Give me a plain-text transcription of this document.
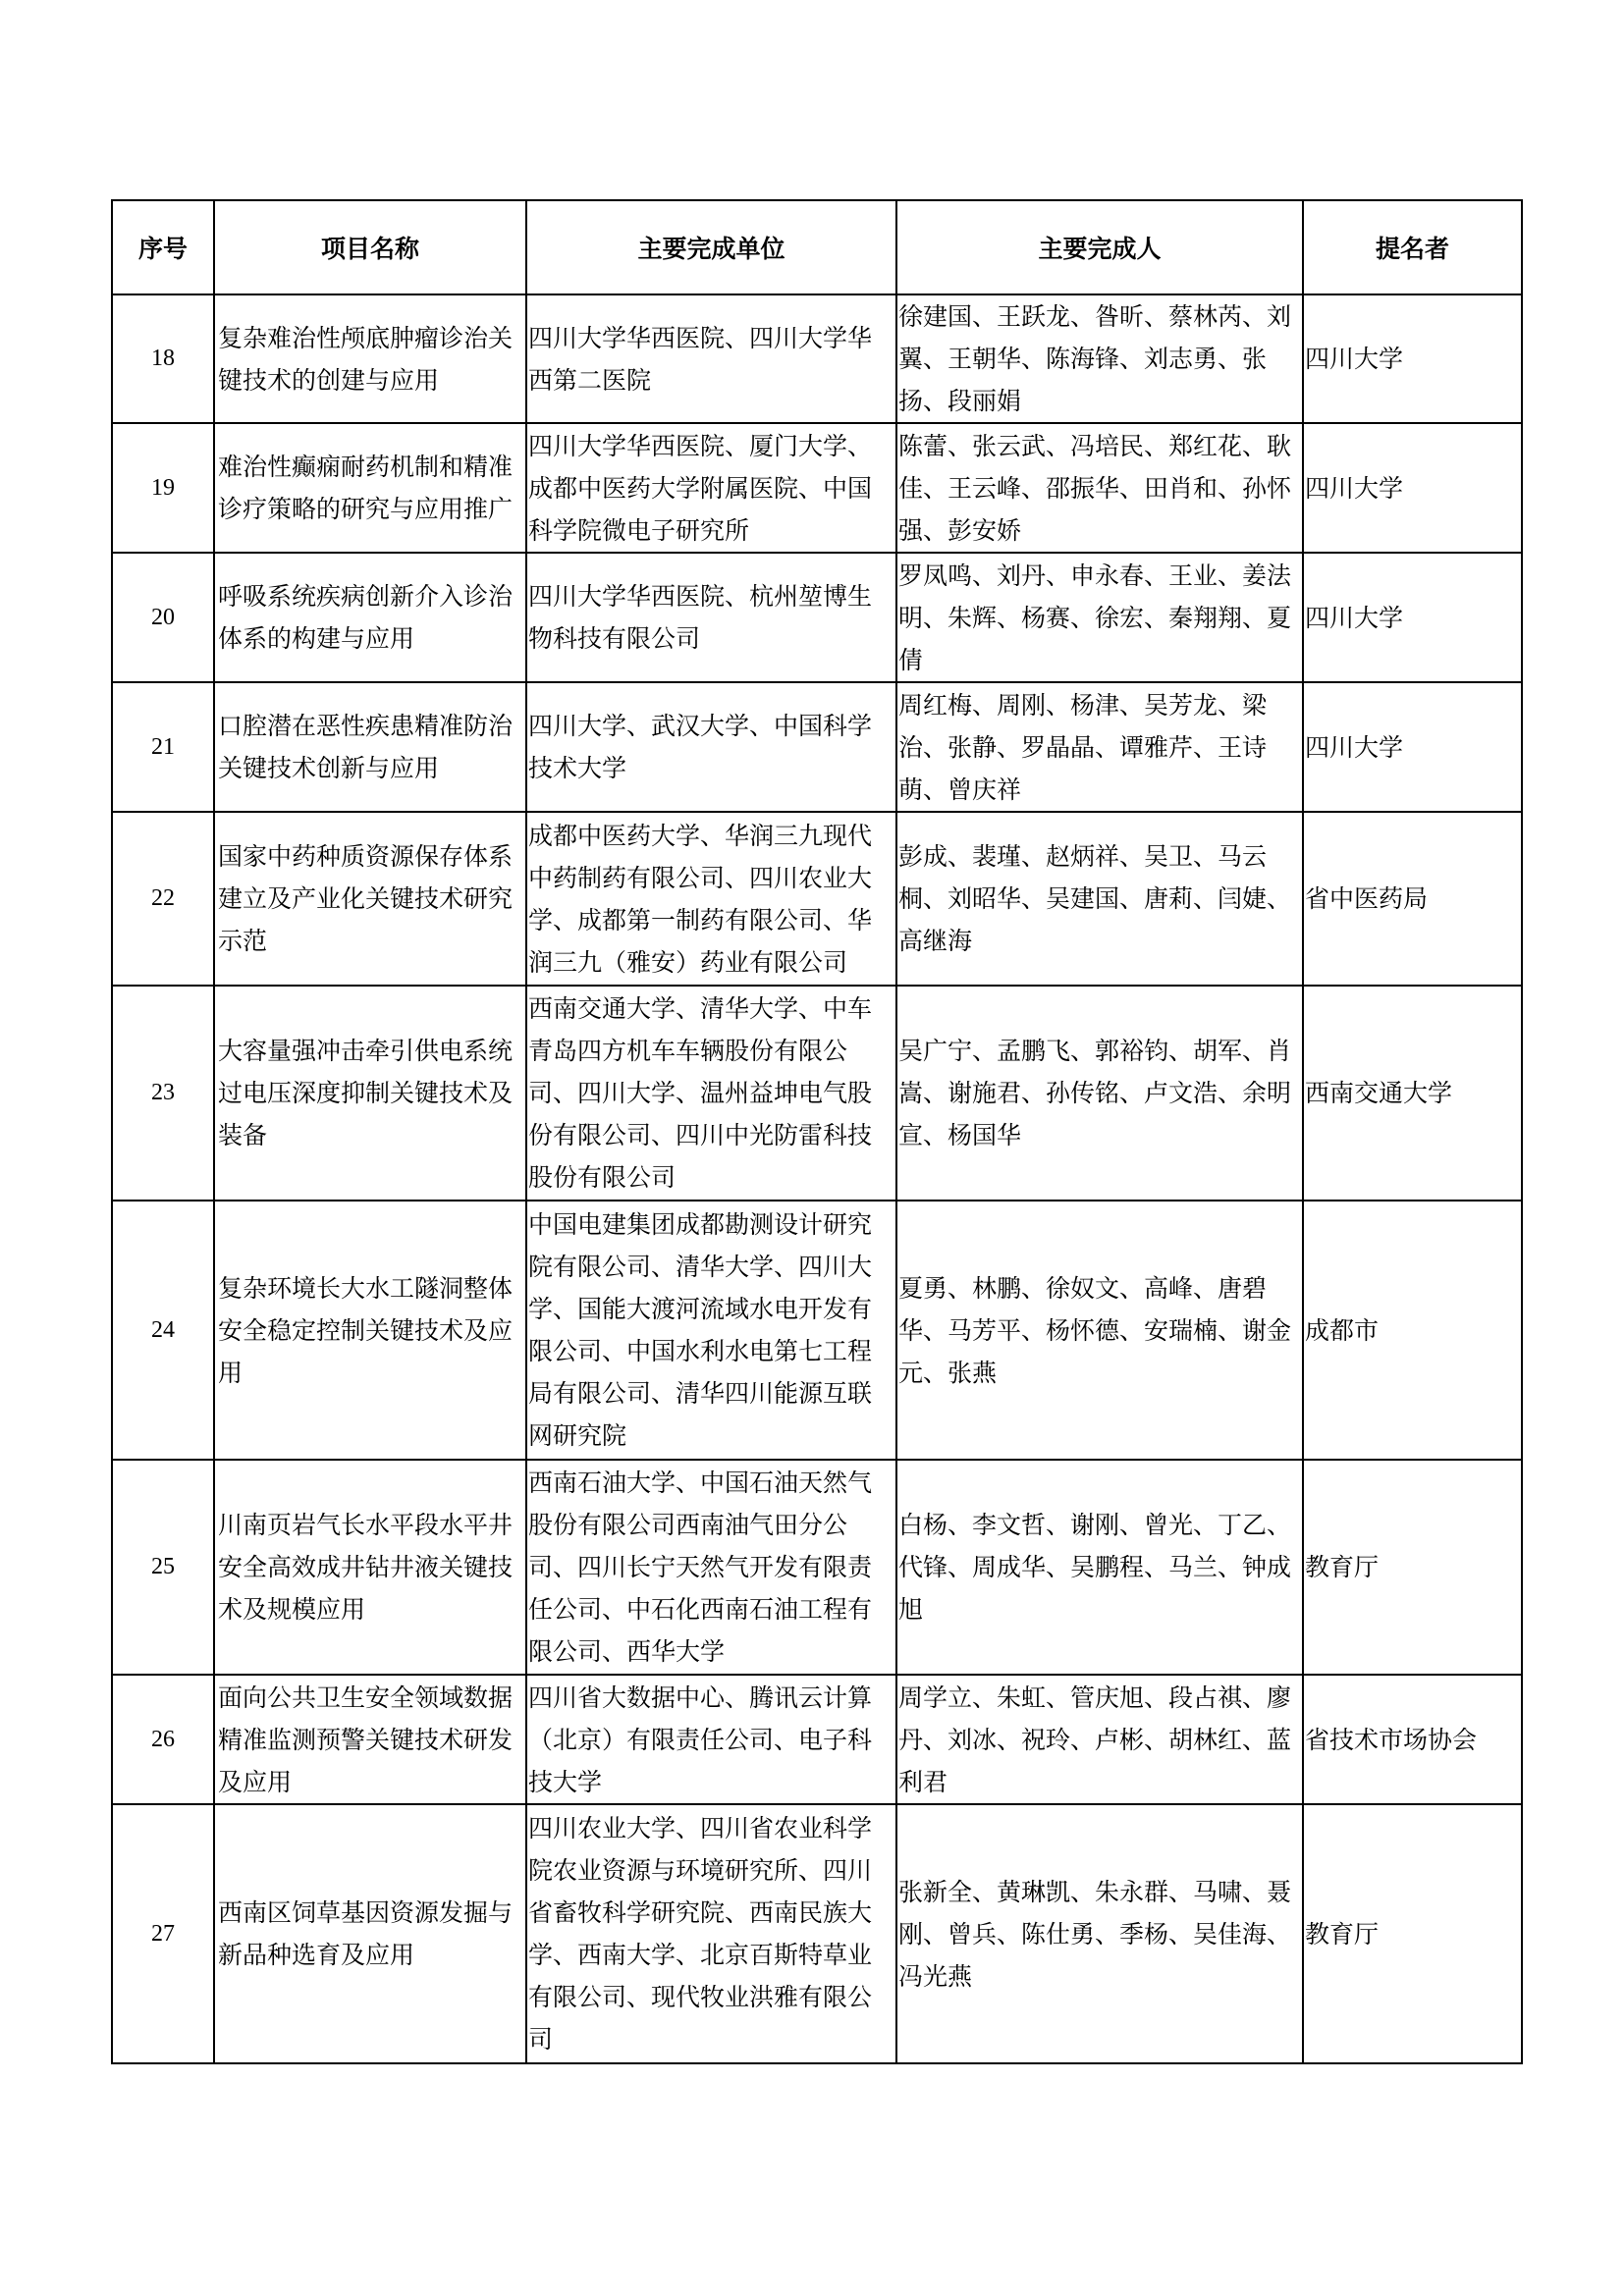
序号	项目名称	主要完成单位	主要完成人	提名者
18	复杂难治性颅底肿瘤诊治关键技术的创建与应用	四川大学华西医院、四川大学华西第二医院	徐建国、王跃龙、昝昕、蔡林芮、刘翼、王朝华、陈海锋、刘志勇、张扬、段丽娟	四川大学
19	难治性癫痫耐药机制和精准诊疗策略的研究与应用推广	四川大学华西医院、厦门大学、成都中医药大学附属医院、中国科学院微电子研究所	陈蕾、张云武、冯培民、郑红花、耿佳、王云峰、邵振华、田肖和、孙怀强、彭安娇	四川大学
20	呼吸系统疾病创新介入诊治体系的构建与应用	四川大学华西医院、杭州堃博生物科技有限公司	罗凤鸣、刘丹、申永春、王业、姜法明、朱辉、杨赛、徐宏、秦翔翔、夏倩	四川大学
21	口腔潜在恶性疾患精准防治关键技术创新与应用	四川大学、武汉大学、中国科学技术大学	周红梅、周刚、杨津、吴芳龙、梁治、张静、罗晶晶、谭雅芹、王诗萌、曾庆祥	四川大学
22	国家中药种质资源保存体系建立及产业化关键技术研究示范	成都中医药大学、华润三九现代中药制药有限公司、四川农业大学、成都第一制药有限公司、华润三九（雅安）药业有限公司	彭成、裴瑾、赵炳祥、吴卫、马云桐、刘昭华、吴建国、唐莉、闫婕、高继海	省中医药局
23	大容量强冲击牵引供电系统过电压深度抑制关键技术及装备	西南交通大学、清华大学、中车青岛四方机车车辆股份有限公司、四川大学、温州益坤电气股份有限公司、四川中光防雷科技股份有限公司	吴广宁、孟鹏飞、郭裕钧、胡军、肖嵩、谢施君、孙传铭、卢文浩、余明宣、杨国华	西南交通大学
24	复杂环境长大水工隧洞整体安全稳定控制关键技术及应用	中国电建集团成都勘测设计研究院有限公司、清华大学、四川大学、国能大渡河流域水电开发有限公司、中国水利水电第七工程局有限公司、清华四川能源互联网研究院	夏勇、林鹏、徐奴文、高峰、唐碧华、马芳平、杨怀德、安瑞楠、谢金元、张燕	成都市
25	川南页岩气长水平段水平井安全高效成井钻井液关键技术及规模应用	西南石油大学、中国石油天然气股份有限公司西南油气田分公司、四川长宁天然气开发有限责任公司、中石化西南石油工程有限公司、西华大学	白杨、李文哲、谢刚、曾光、丁乙、代锋、周成华、吴鹏程、马兰、钟成旭	教育厅
26	面向公共卫生安全领域数据精准监测预警关键技术研发及应用	四川省大数据中心、腾讯云计算（北京）有限责任公司、电子科技大学	周学立、朱虹、管庆旭、段占祺、廖丹、刘冰、祝玲、卢彬、胡林红、蓝利君	省技术市场协会
27	西南区饲草基因资源发掘与新品种选育及应用	四川农业大学、四川省农业科学院农业资源与环境研究所、四川省畜牧科学研究院、西南民族大学、西南大学、北京百斯特草业有限公司、现代牧业洪雅有限公司	张新全、黄琳凯、朱永群、马啸、聂刚、曾兵、陈仕勇、季杨、吴佳海、冯光燕	教育厅
